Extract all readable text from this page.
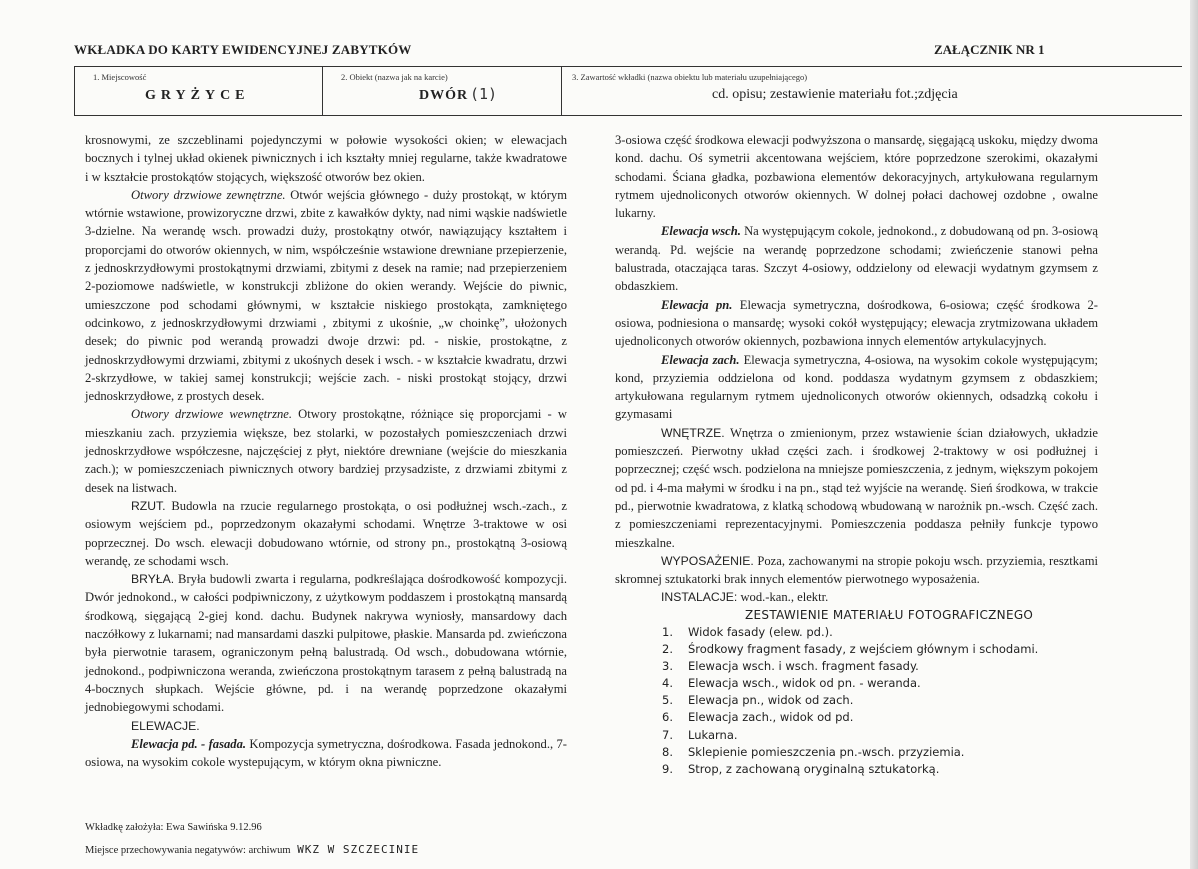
WKŁADKA DO KARTY EWIDENCYJNEJ ZABYTKÓW	ZAŁĄCZNIK NR 1
1. Miejscowość
GRYŻYCE
2. Obiekt (nazwa jak na karcie)
DWÓR (1)
3. Zawartość wkładki (nazwa obiektu lub materiału uzupełniającego)
cd. opisu; zestawienie materiału fot.;zdjęcia

krosnowymi, ze szczeblinami pojedynczymi w połowie wysokości okien; w elewacjach bocznych i tylnej układ okienek piwnicznych i ich kształty mniej regularne, także kwadratowe i w kształcie prostokątów stojących, większość otworów bez okien.

Otwory drzwiowe zewnętrzne. Otwór wejścia głównego - duży prostokąt, w którym wtórnie wstawione, prowizoryczne drzwi, zbite z kawałków dykty, nad nimi wąskie nadświetle 3-dzielne. Na werandę wsch. prowadzi duży, prostokątny otwór, nawiązujący kształtem i proporcjami do otworów okiennych, w nim, współcześnie wstawione drewniane przepierzenie, z jednoskrzydłowymi prostokątnymi drzwiami, zbitymi z desek na ramie; nad przepierzeniem 2-poziomowe nadświetle, w konstrukcji zbliżone do okien werandy. Wejście do piwnic, umieszczone pod schodami głównymi, w kształcie niskiego prostokąta, zamkniętego odcinkowo, z jednoskrzydłowymi drzwiami , zbitymi z ukośnie, „w choinkę”, ułożonych desek; do piwnic pod werandą prowadzi dwoje drzwi: pd. - niskie, prostokątne, z jednoskrzydłowymi drzwiami, zbitymi z ukośnych desek i wsch. - w kształcie kwadratu, drzwi 2-skrzydłowe, w takiej samej konstrukcji; wejście zach. - niski prostokąt stojący, drzwi jednoskrzydłowe, z prostych desek.

Otwory drzwiowe wewnętrzne. Otwory prostokątne, różniące się proporcjami - w mieszkaniu zach. przyziemia większe, bez stolarki, w pozostałych pomieszczeniach drzwi jednoskrzydłowe współczesne, najczęściej z płyt, niektóre drewniane (wejście do mieszkania zach.); w pomieszczeniach piwnicznych otwory bardziej przysadziste, z drzwiami zbitymi z desek na listwach.

RZUT. Budowla na rzucie regularnego prostokąta, o osi podłużnej wsch.-zach., z osiowym wejściem pd., poprzedzonym okazałymi schodami. Wnętrze 3-traktowe w osi poprzecznej. Do wsch. elewacji dobudowano wtórnie, od strony pn., prostokątną 3-osiową werandę, ze schodami wsch.

BRYŁA. Bryła budowli zwarta i regularna, podkreślająca dośrodkowość kompozycji. Dwór jednokond., w całości podpiwniczony, z użytkowym poddaszem i prostokątną mansardą środkową, sięgającą 2-giej kond. dachu. Budynek nakrywa wyniosły, mansardowy dach naczółkowy z lukarnami; nad mansardami daszki pulpitowe, płaskie. Mansarda pd. zwieńczona była pierwotnie tarasem, ograniczonym pełną balustradą. Od wsch., dobudowana wtórnie, jednokond., podpiwniczona weranda, zwieńczona prostokątnym tarasem z pełną balustradą na 4-bocznych słupkach. Wejście główne, pd. i na werandę poprzedzone okazałymi jednobiegowymi schodami.

ELEWACJE.

Elewacja pd. - fasada. Kompozycja symetryczna, dośrodkowa. Fasada jednokond., 7-osiowa, na wysokim cokole wystepującym, w którym okna piwniczne.

3-osiowa część środkowa elewacji podwyższona o mansardę, sięgającą uskoku, między dwoma kond. dachu. Oś symetrii akcentowana wejściem, które poprzedzone szerokimi, okazałymi schodami. Ściana gładka, pozbawiona elementów dekoracyjnych, artykułowana regularnym rytmem ujednoliconych otworów okiennych. W dolnej połaci dachowej ozdobne , owalne lukarny.

Elewacja wsch. Na występującym cokole, jednokond., z dobudowaną od pn. 3-osiową werandą. Pd. wejście na werandę poprzedzone schodami; zwieńczenie stanowi pełna balustrada, otaczająca taras. Szczyt 4-osiowy, oddzielony od elewacji wydatnym gzymsem z obdaszkiem.

Elewacja pn. Elewacja symetryczna, dośrodkowa, 6-osiowa; część środkowa 2-osiowa, podniesiona o mansardę; wysoki cokół występujący; elewacja zrytmizowana układem ujednoliconych otworów okiennych, pozbawiona innych elementów artykulacyjnych.

Elewacja zach. Elewacja symetryczna, 4-osiowa, na wysokim cokole występującym; kond, przyziemia oddzielona od kond. poddasza wydatnym gzymsem z obdaszkiem; artykułowana regularnym rytmem ujednoliconych otworów okiennych, odsadzką cokołu i gzymasami

WNĘTRZE. Wnętrza o zmienionym, przez wstawienie ścian działowych, układzie pomieszczeń. Pierwotny układ części zach. i środkowej 2-traktowy w osi podłużnej i poprzecznej; część wsch. podzielona na mniejsze pomieszczenia, z jednym, większym pokojem od pd. i 4-ma małymi w środku i na pn., stąd też wyjście na werandę. Sień środkowa, w trakcie pd., pierwotnie kwadratowa, z klatką schodową wbudowaną w narożnik pn.-wsch. Część zach. z pomieszczeniami reprezentacyjnymi. Pomieszczenia poddasza pełniły funkcje typowo mieszkalne.

WYPOSAŻENIE. Poza, zachowanymi na stropie pokoju wsch. przyziemia, resztkami skromnej sztukatorki brak innych elementów pierwotnego wyposażenia.

INSTALACJE: wod.-kan., elektr.

ZESTAWIENIE MATERIAŁU FOTOGRAFICZNEGO
1.	Widok fasady (elew. pd.).
2.	Środkowy fragment fasady, z wejściem głównym i schodami.
3.	Elewacja wsch. i wsch. fragment fasady.
4.	Elewacja wsch., widok od pn. - weranda.
5.	Elewacja pn., widok od zach.
6.	Elewacja zach., widok od pd.
7.	Lukarna.
8.	Sklepienie pomieszczenia pn.-wsch. przyziemia.
9.	Strop, z zachowaną oryginalną sztukatorką.
Wkładkę założyła: Ewa Sawińska 9.12.96
Miejsce przechowywania negatywów: archiwum WKZ W SZCZECINIE
